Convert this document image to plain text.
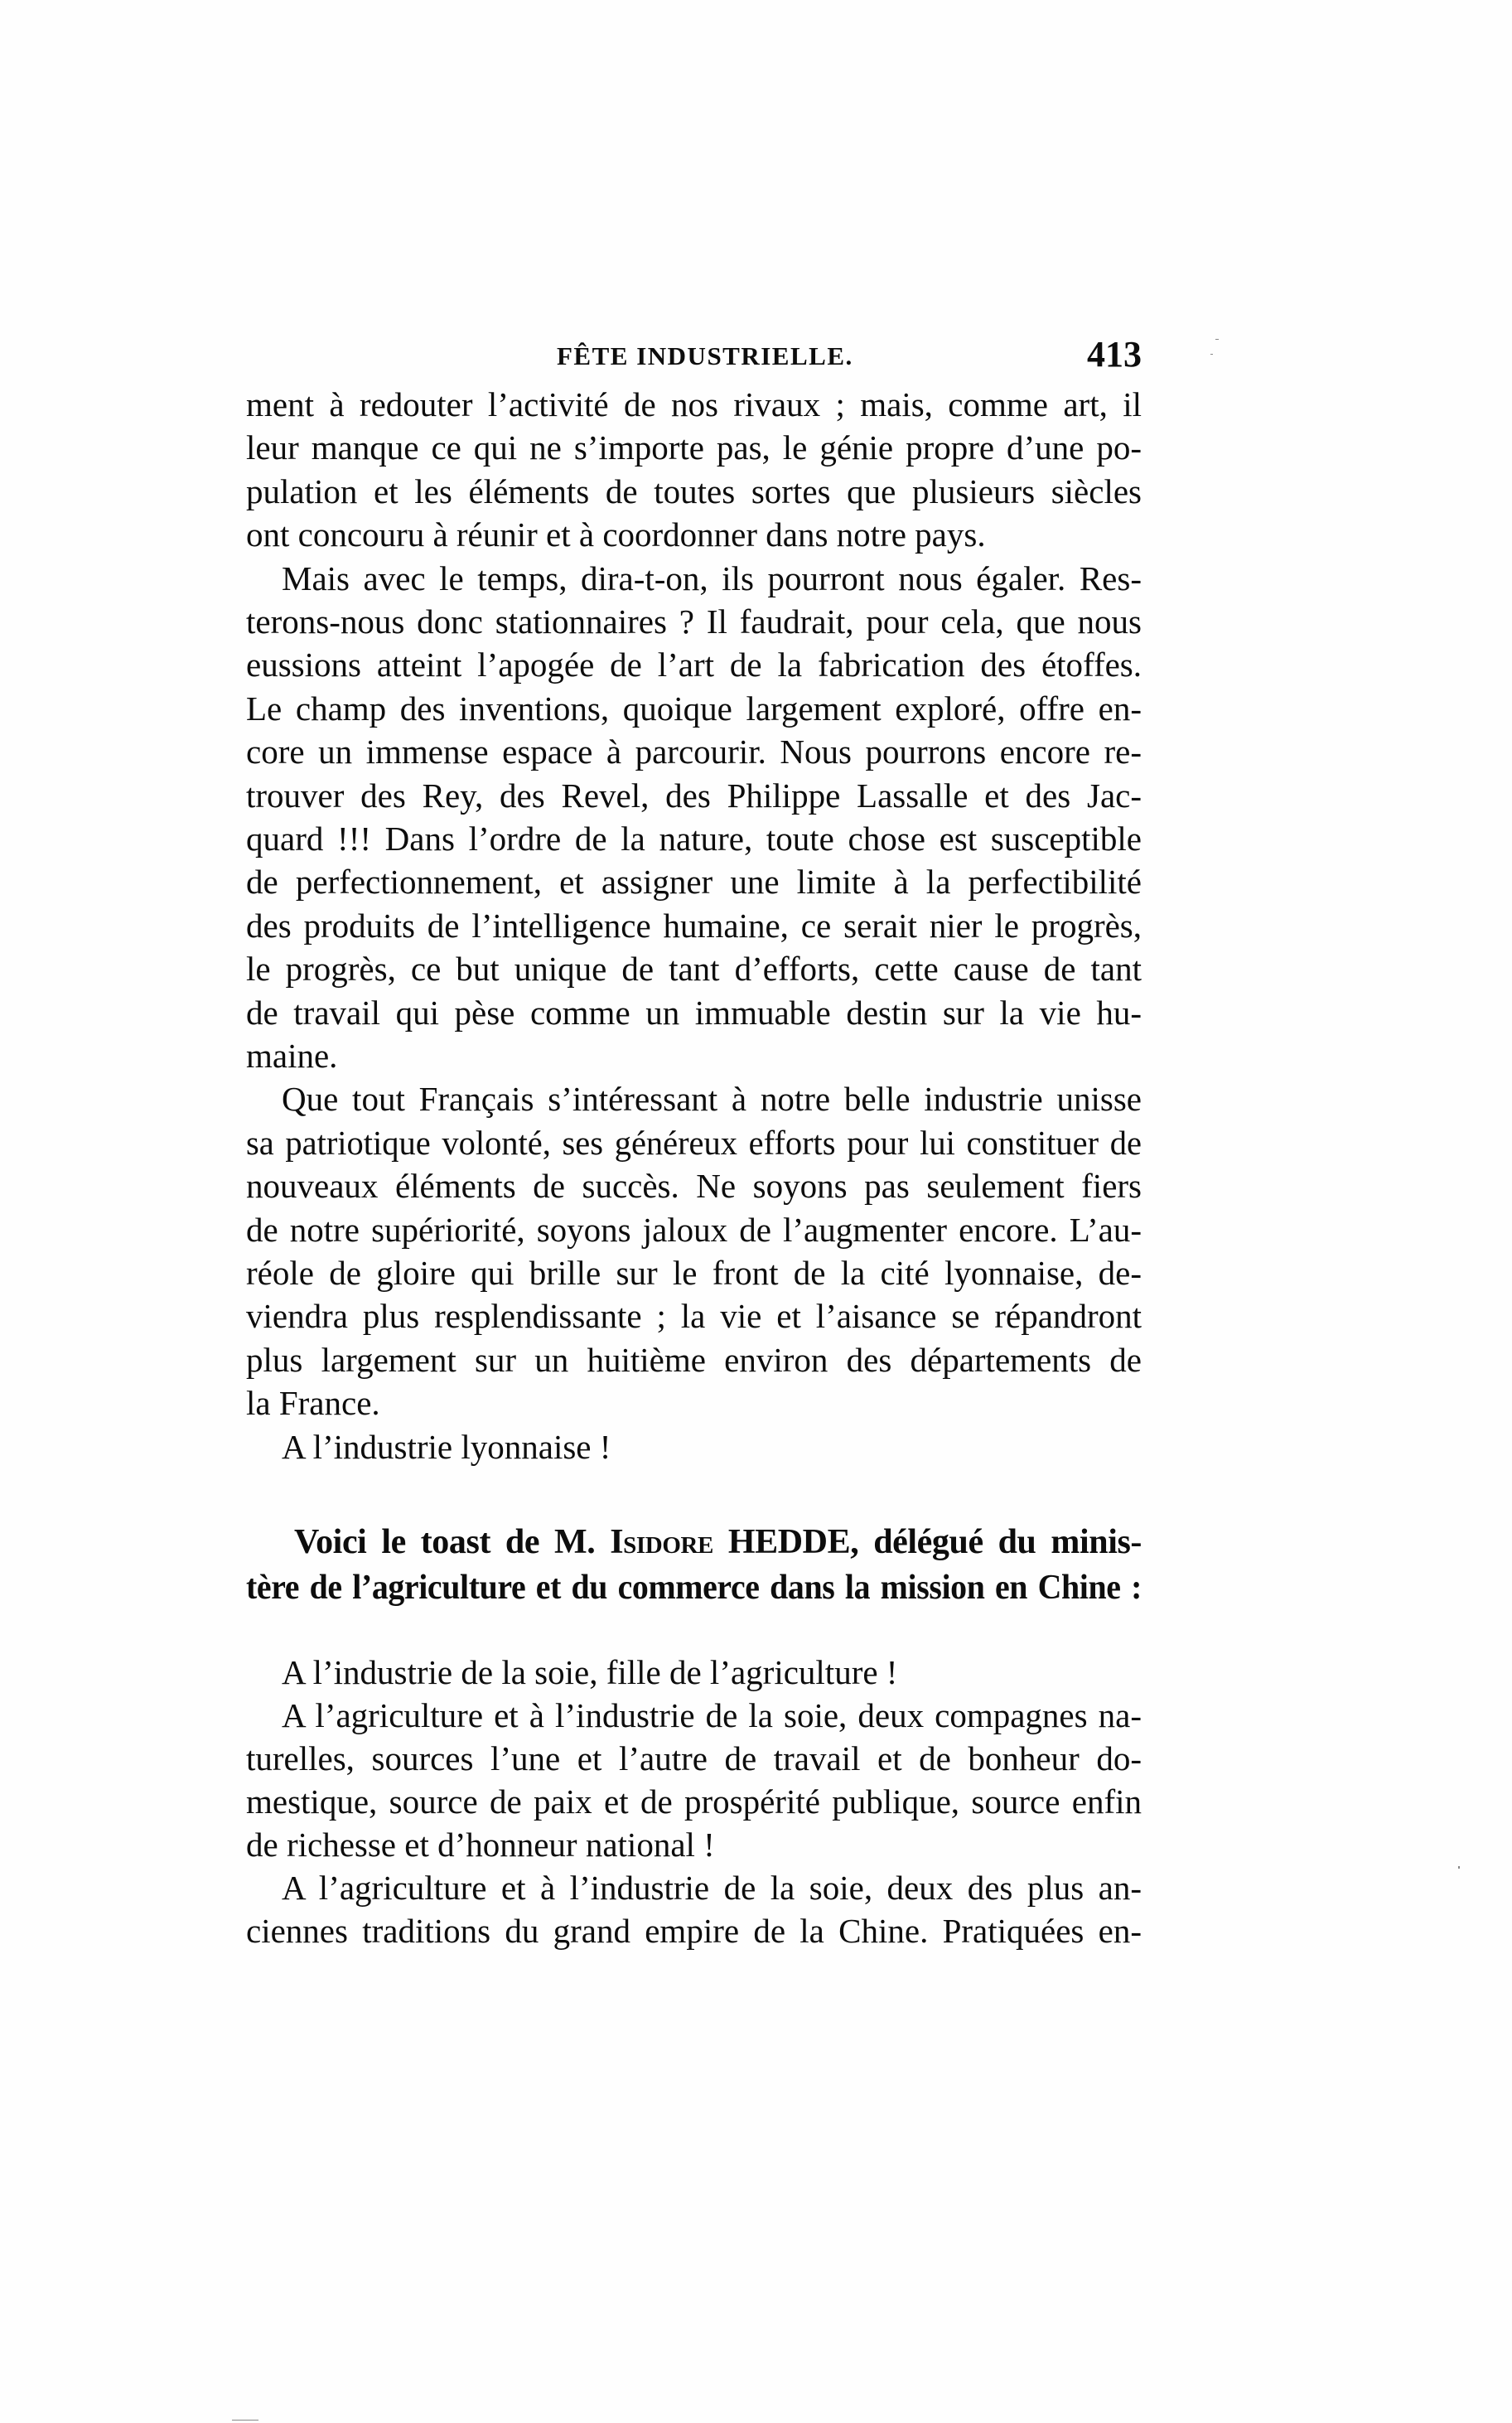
FÊTE INDUSTRIELLE.	413
ment à redouter l’activité de nos rivaux ; mais, comme art, il
leur manque ce qui ne s’importe pas, le génie propre d’une po-
pulation et les éléments de toutes sortes que plusieurs siècles
ont concouru à réunir et à coordonner dans notre pays.
Mais avec le temps, dira-t-on, ils pourront nous égaler. Res-
terons-nous donc stationnaires ? Il faudrait, pour cela, que nous
eussions atteint l’apogée de l’art de la fabrication des étoffes.
Le champ des inventions, quoique largement exploré, offre en-
core un immense espace à parcourir. Nous pourrons encore re-
trouver des Rey, des Revel, des Philippe Lassalle et des Jac-
quard !!! Dans l’ordre de la nature, toute chose est susceptible
de perfectionnement, et assigner une limite à la perfectibilité
des produits de l’intelligence humaine, ce serait nier le progrès,
le progrès, ce but unique de tant d’efforts, cette cause de tant
de travail qui pèse comme un immuable destin sur la vie hu-
maine.
Que tout Français s’intéressant à notre belle industrie unisse
sa patriotique volonté, ses généreux efforts pour lui constituer de
nouveaux éléments de succès. Ne soyons pas seulement fiers
de notre supériorité, soyons jaloux de l’augmenter encore. L’au-
réole de gloire qui brille sur le front de la cité lyonnaise, de-
viendra plus resplendissante ; la vie et l’aisance se répandront
plus largement sur un huitième environ des départements de
la France.
A l’industrie lyonnaise !
Voici le toast de M. Isidore HEDDE, délégué du minis-
tère de l’agriculture et du commerce dans la mission en Chine :
A l’industrie de la soie, fille de l’agriculture !
A l’agriculture et à l’industrie de la soie, deux compagnes na-
turelles, sources l’une et l’autre de travail et de bonheur do-
mestique, source de paix et de prospérité publique, source enfin
de richesse et d’honneur national !
A l’agriculture et à l’industrie de la soie, deux des plus an-
ciennes traditions du grand empire de la Chine. Pratiquées en-
